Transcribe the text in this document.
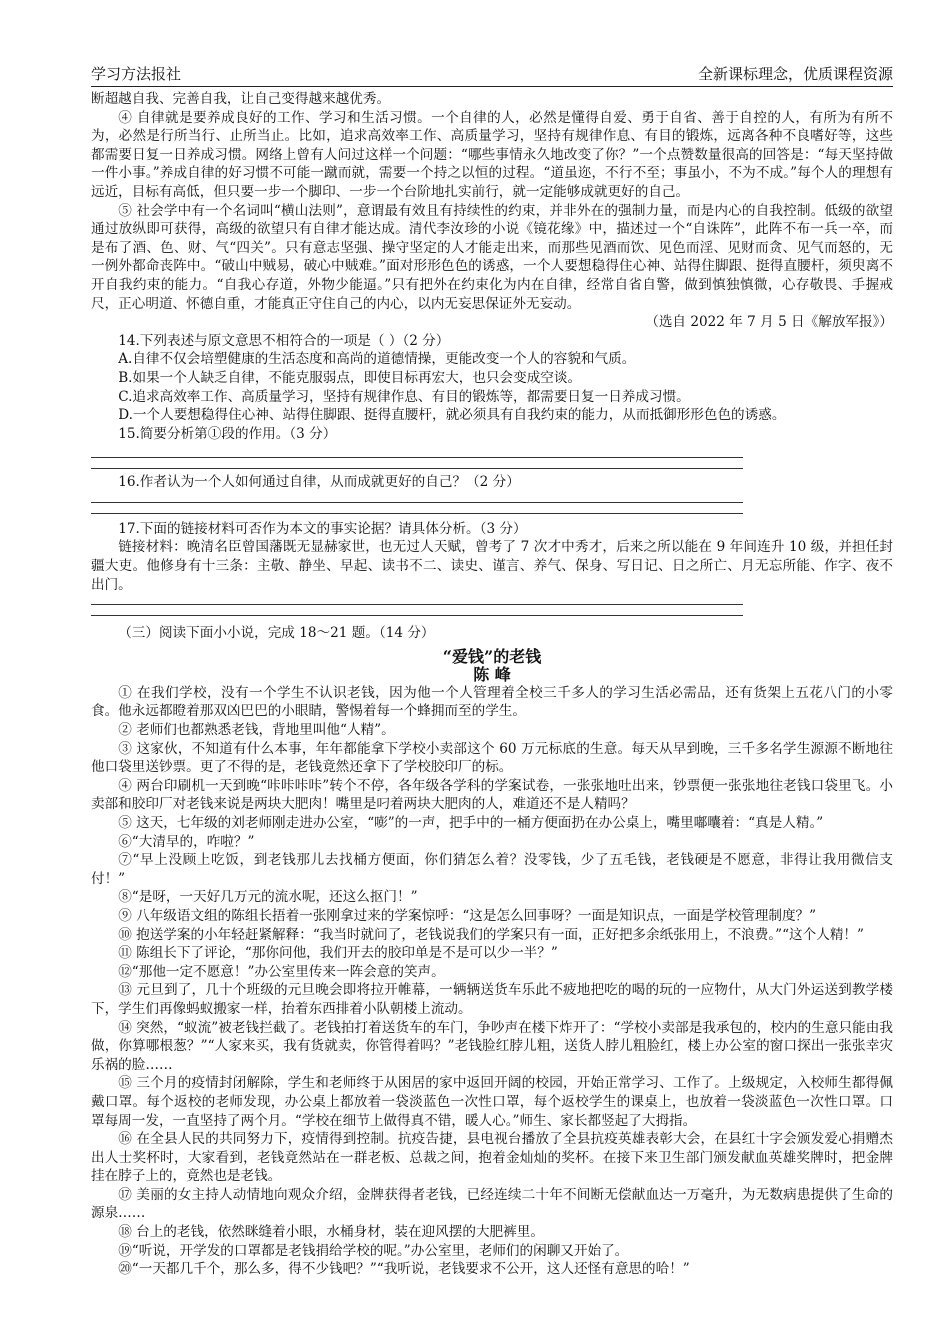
学习方法报社	全新课标理念，优质课程资源

断超越自我、完善自我，让自己变得越来越优秀。

④ 自律就是要养成良好的工作、学习和生活习惯。一个自律的人，必然是懂得自爱、勇于自省、善于自控的人，有所为有所不为，必然是行所当行、止所当止。比如，追求高效率工作、高质量学习，坚持有规律作息、有目的锻炼，远离各种不良嗜好等，这些都需要日复一日养成习惯。网络上曾有人问过这样一个问题：“哪些事情永久地改变了你？”一个点赞数量很高的回答是：“每天坚持做一件小事。”养成自律的好习惯不可能一蹴而就，需要一个持之以恒的过程。“道虽迩，不行不至；事虽小，不为不成。”每个人的理想有远近，目标有高低，但只要一步一个脚印、一步一个台阶地扎实前行，就一定能够成就更好的自己。

⑤ 社会学中有一个名词叫“横山法则”，意谓最有效且有持续性的约束，并非外在的强制力量，而是内心的自我控制。低级的欲望通过放纵即可获得，高级的欲望只有自律才能达成。清代李汝珍的小说《镜花缘》中，描述过一个“自诛阵”，此阵不布一兵一卒，而是布了酒、色、财、气“四关”。只有意志坚强、操守坚定的人才能走出来，而那些见酒而饮、见色而淫、见财而贪、见气而怒的，无一例外都命丧阵中。“破山中贼易，破心中贼难。”面对形形色色的诱惑，一个人要想稳得住心神、站得住脚跟、挺得直腰杆，须臾离不开自我约束的能力。“自我心存道，外物少能逼。”只有把外在约束化为内在自律，经常自省自警，做到慎独慎微，心存敬畏、手握戒尺，正心明道、怀德自重，才能真正守住自己的内心，以内无妄思保证外无妄动。

（选自 2022 年 7 月 5 日《解放军报》）

14.下列表述与原文意思不相符合的一项是（ ）（2 分）

A.自律不仅会培塑健康的生活态度和高尚的道德情操，更能改变一个人的容貌和气质。

B.如果一个人缺乏自律，不能克服弱点，即使目标再宏大，也只会变成空谈。

C.追求高效率工作、高质量学习，坚持有规律作息、有目的锻炼等，都需要日复一日养成习惯。

D.一个人要想稳得住心神、站得住脚跟、挺得直腰杆，就必须具有自我约束的能力，从而抵御形形色色的诱惑。

15.简要分析第①段的作用。（3 分）

16.作者认为一个人如何通过自律，从而成就更好的自己？（2 分）

17.下面的链接材料可否作为本文的事实论据？请具体分析。（3 分）

链接材料：晚清名臣曾国藩既无显赫家世，也无过人天赋，曾考了 7 次才中秀才，后来之所以能在 9 年间连升 10 级，并担任封疆大吏。他修身有十三条：主敬、静坐、早起、读书不二、读史、谨言、养气、保身、写日记、日之所亡、月无忘所能、作字、夜不出门。

（三）阅读下面小小说，完成 18～21 题。（14 分）

“爱钱”的老钱

陈 峰

① 在我们学校，没有一个学生不认识老钱，因为他一个人管理着全校三千多人的学习生活必需品，还有货架上五花八门的小零食。他永远都瞪着那双凶巴巴的小眼睛，警惕着每一个蜂拥而至的学生。

② 老师们也都熟悉老钱，背地里叫他“人精”。

③ 这家伙，不知道有什么本事，年年都能拿下学校小卖部这个 60 万元标底的生意。每天从早到晚，三千多名学生源源不断地往他口袋里送钞票。更了不得的是，老钱竟然还拿下了学校胶印厂的标。

④ 两台印刷机一天到晚“咔咔咔咔”转个不停，各年级各学科的学案试卷，一张张地吐出来，钞票便一张张地往老钱口袋里飞。小卖部和胶印厂对老钱来说是两块大肥肉！嘴里是叼着两块大肥肉的人，难道还不是人精吗？

⑤ 这天，七年级的刘老师刚走进办公室，“嘭”的一声，把手中的一桶方便面扔在办公桌上，嘴里嘟囔着：“真是人精。”

⑥“大清早的，咋啦？”

⑦“早上没顾上吃饭，到老钱那儿去找桶方便面，你们猜怎么着？没零钱，少了五毛钱，老钱硬是不愿意，非得让我用微信支付！”

⑧“是呀，一天好几万元的流水呢，还这么抠门！”

⑨ 八年级语文组的陈组长捂着一张刚拿过来的学案惊呼：“这是怎么回事呀？一面是知识点，一面是学校管理制度？”

⑩ 抱送学案的小年轻赶紧解释：“我当时就问了，老钱说我们的学案只有一面，正好把多余纸张用上，不浪费。”“这个人精！”

⑪ 陈组长下了评论，“那你问他，我们开去的胶印单是不是可以少一半？”

⑫“那他一定不愿意！”办公室里传来一阵会意的笑声。

⑬ 元旦到了，几十个班级的元旦晚会即将拉开帷幕，一辆辆送货车乐此不疲地把吃的喝的玩的一应物什，从大门外运送到教学楼下，学生们再像蚂蚁搬家一样，抬着东西排着小队朝楼上流动。

⑭ 突然，“蚁流”被老钱拦截了。老钱拍打着送货车的车门，争吵声在楼下炸开了：“学校小卖部是我承包的，校内的生意只能由我做，你算哪根葱？”“人家来买，我有货就卖，你管得着吗？”老钱脸红脖儿粗，送货人脖儿粗脸红，楼上办公室的窗口探出一张张幸灾乐祸的脸……

⑮ 三个月的疫情封闭解除，学生和老师终于从困居的家中返回开阔的校园，开始正常学习、工作了。上级规定，入校师生都得佩戴口罩。每个返校的老师发现，办公桌上都放着一袋淡蓝色一次性口罩，每个返校学生的课桌上，也放着一袋淡蓝色一次性口罩。口罩每周一发，一直坚持了两个月。“学校在细节上做得真不错，暖人心。”师生、家长都竖起了大拇指。

⑯ 在全县人民的共同努力下，疫情得到控制。抗疫告捷，县电视台播放了全县抗疫英雄表彰大会，在县红十字会颁发爱心捐赠杰出人士奖杯时，大家看到，老钱竟然站在一群老板、总裁之间，抱着金灿灿的奖杯。在接下来卫生部门颁发献血英雄奖牌时，把金牌挂在脖子上的，竟然也是老钱。

⑰ 美丽的女主持人动情地向观众介绍，金牌获得者老钱，已经连续二十年不间断无偿献血达一万毫升，为无数病患提供了生命的源泉……

⑱ 台上的老钱，依然眯缝着小眼，水桶身材，装在迎风摆的大肥裤里。

⑲“听说，开学发的口罩都是老钱捐给学校的呢。”办公室里，老师们的闲聊又开始了。

⑳“一天都几千个，那么多，得不少钱吧？”“我听说，老钱要求不公开，这人还怪有意思的哈！”
